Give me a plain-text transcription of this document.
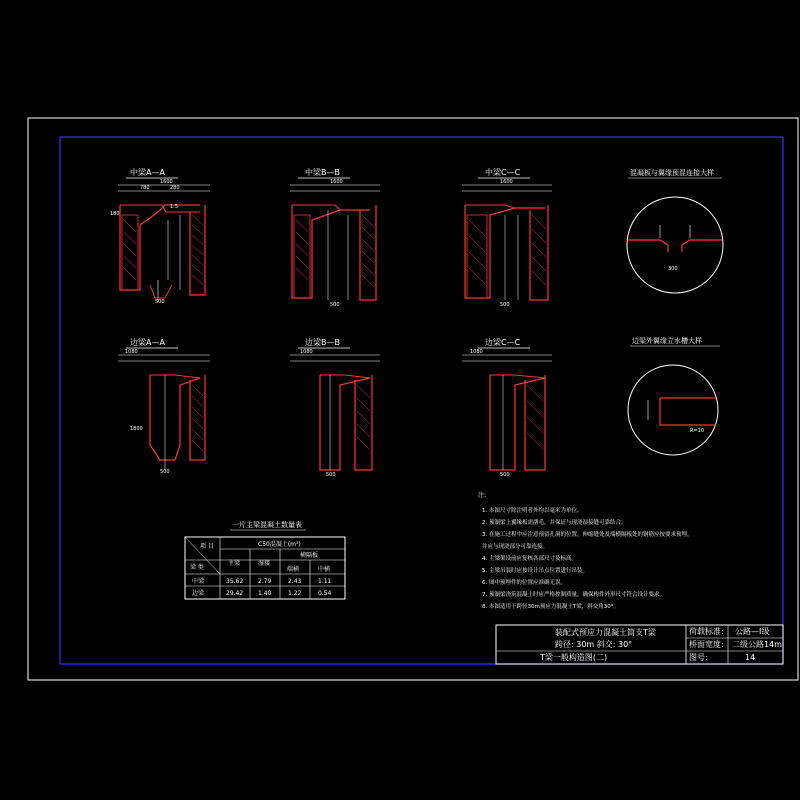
中梁A—A
1600
780	280
1:5
180
500
中梁B—B
1600
500
中梁C—C
1600
500
边梁A—A
1080
500
1800
边梁B—B
1080
500
边梁C—C
1080
500
混凝板与翼缘预混连接大样
300
边梁外翼缘立水槽大样
R=10
一片主梁混凝土数量表
项 目
梁 类
C50混凝土(m³)
主梁	湿接
横隔板
端横	中横
中梁	35.62 2.79	2.43	1.11
边梁	29.42 1.40	1.22	0.54
注:
1. 本图尺寸除注明者外均以毫米为单位。
2. 预制梁上翼缘板需凿毛，并保证与现浇湿接缝可靠结合。
3. 在施工过程中应注意预留孔洞的位置，伸缩缝处及端横隔板处的钢筋应按要求预埋，
并应与现浇部分可靠连接。
4. 主梁架设前应复核各部尺寸及标高。
5. 主梁吊装时应按设计吊点位置进行吊装。
6. 图中预埋件的位置应准确无误。
7. 预制梁浇筑混凝土时应严格控制质量，确保构件外形尺寸符合设计要求。
8. 本图适用于跨径30m预应力混凝土T梁，斜交角30°。
装配式预应力混凝土简支T梁
跨径: 30m 斜交: 30°
T梁一般构造图(二)
荷载标准: 公路—I级
桥面宽度: 二级公路14m
图号:	14
